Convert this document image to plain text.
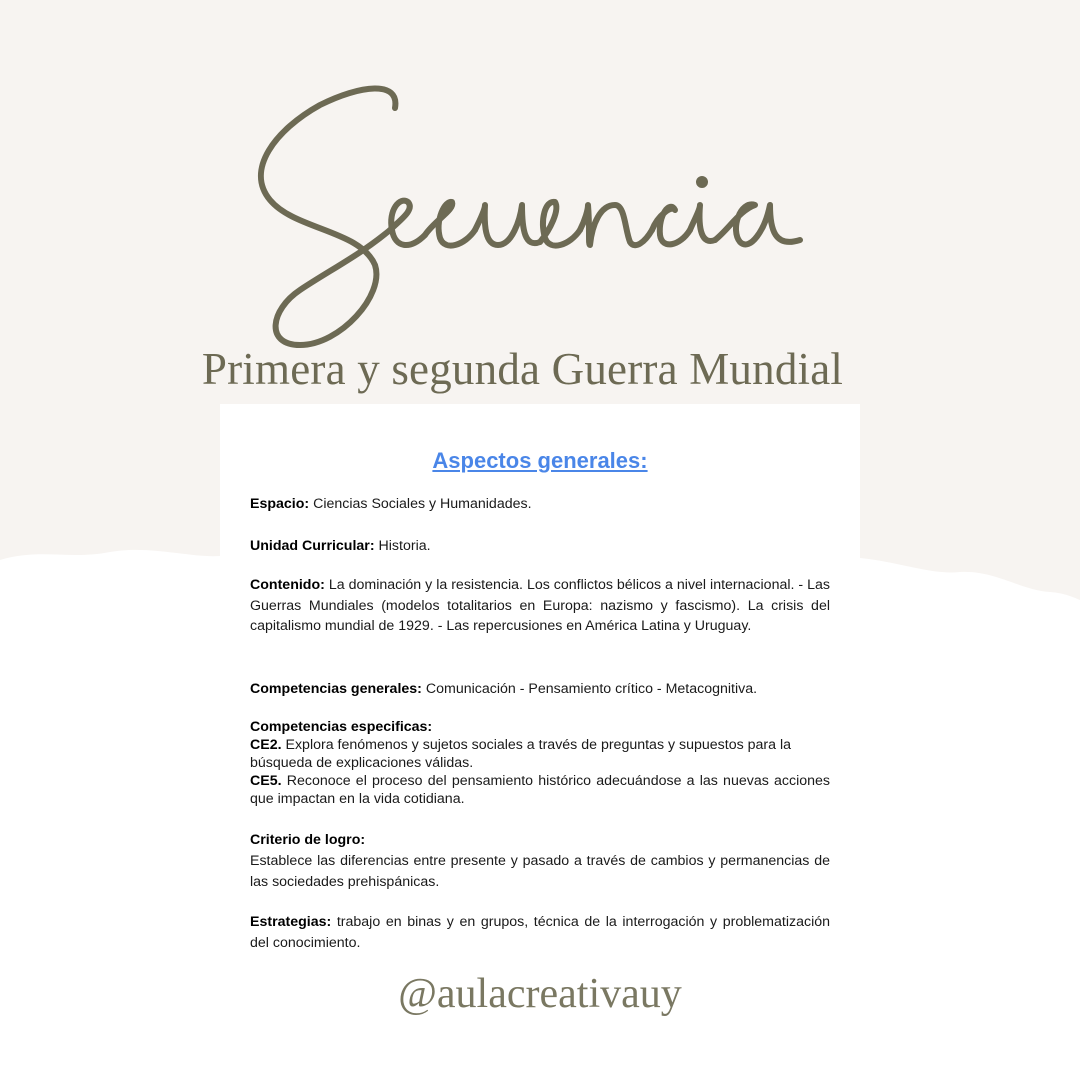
Primera y segunda Guerra Mundial
Aspectos generales:
Espacio: Ciencias Sociales y Humanidades.
Unidad Curricular: Historia.
Contenido: La dominación y la resistencia. Los conflictos bélicos a nivel internacional. - Las Guerras Mundiales (modelos totalitarios en Europa: nazismo y fascismo). La crisis del capitalismo mundial de 1929. - Las repercusiones en América Latina y Uruguay.
Competencias generales: Comunicación - Pensamiento crítico - Metacognitiva.
Competencias especificas:
CE2. Explora fenómenos y sujetos sociales a través de preguntas y supuestos para la búsqueda de explicaciones válidas.
CE5. Reconoce el proceso del pensamiento histórico adecuándose a las nuevas acciones que impactan en la vida cotidiana.
Criterio de logro:
Establece las diferencias entre presente y pasado a través de cambios y permanencias de las sociedades prehispánicas.
Estrategias: trabajo en binas y en grupos, técnica de la interrogación y problematización del conocimiento.
@aulacreativauy
